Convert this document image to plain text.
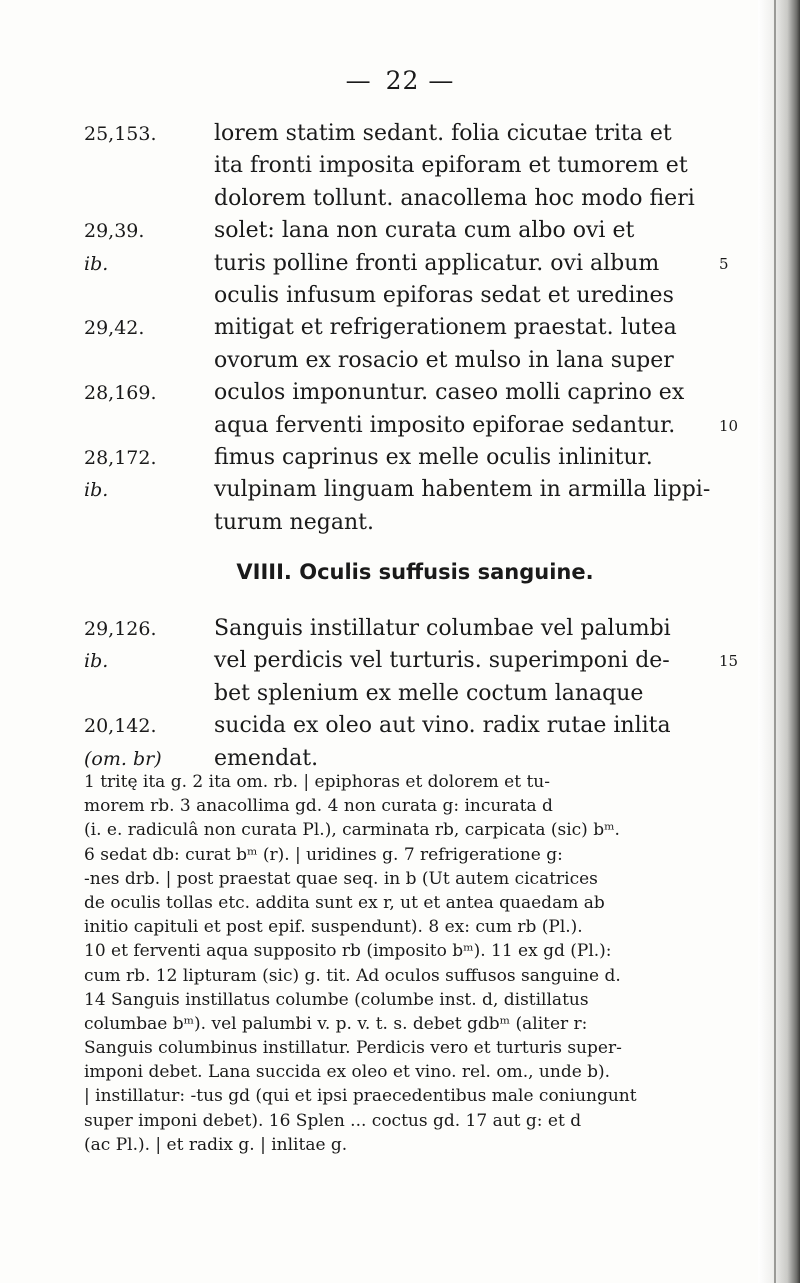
— 22 —
25,153.	lorem statim sedant. folia cicutae trita et
ita fronti imposita epiforam et tumorem et
dolorem tollunt. anacollema hoc modo fieri
29,39.	solet: lana non curata cum albo ovi et
ib.	turis polline fronti applicatur. ovi album	5
oculis infusum epiforas sedat et uredines
29,42.	mitigat et refrigerationem praestat. lutea
ovorum ex rosacio et mulso in lana super
28,169.	oculos imponuntur. caseo molli caprino ex
aqua ferventi imposito epiforae sedantur.	10
28,172.	fimus caprinus ex melle oculis inlinitur.
ib.	vulpinam linguam habentem in armilla lippi-
turum negant.
VIIII. Oculis suffusis sanguine.
29,126.	Sanguis instillatur columbae vel palumbi
ib.	vel perdicis vel turturis. superimponi de-	15
bet splenium ex melle coctum lanaque
20,142.	sucida ex oleo aut vino. radix rutae inlita
(om. br)	emendat.
1 tritę ita g. 2 ita om. rb. | epiphoras et dolorem et tu-
morem rb. 3 anacollima gd. 4 non curata g: incurata d
(i. e. radiculâ non curata Pl.), carminata rb, carpicata (sic) bᵐ.
6 sedat db: curat bᵐ (r). | uridines g. 7 refrigeratione g:
-nes drb. | post praestat quae seq. in b (Ut autem cicatrices
de oculis tollas etc. addita sunt ex r, ut et antea quaedam ab
initio capituli et post epif. suspendunt). 8 ex: cum rb (Pl.).
10 et ferventi aqua supposito rb (imposito bᵐ). 11 ex gd (Pl.):
cum rb. 12 lipturam (sic) g. tit. Ad oculos suffusos sanguine d.
14 Sanguis instillatus columbe (columbe inst. d, distillatus
columbae bᵐ). vel palumbi v. p. v. t. s. debet gdbᵐ (aliter r:
Sanguis columbinus instillatur. Perdicis vero et turturis super-
imponi debet. Lana succida ex oleo et vino. rel. om., unde b).
| instillatur: -tus gd (qui et ipsi praecedentibus male coniungunt
super imponi debet). 16 Splen ... coctus gd. 17 aut g: et d
(ac Pl.). | et radix g. | inlitae g.
